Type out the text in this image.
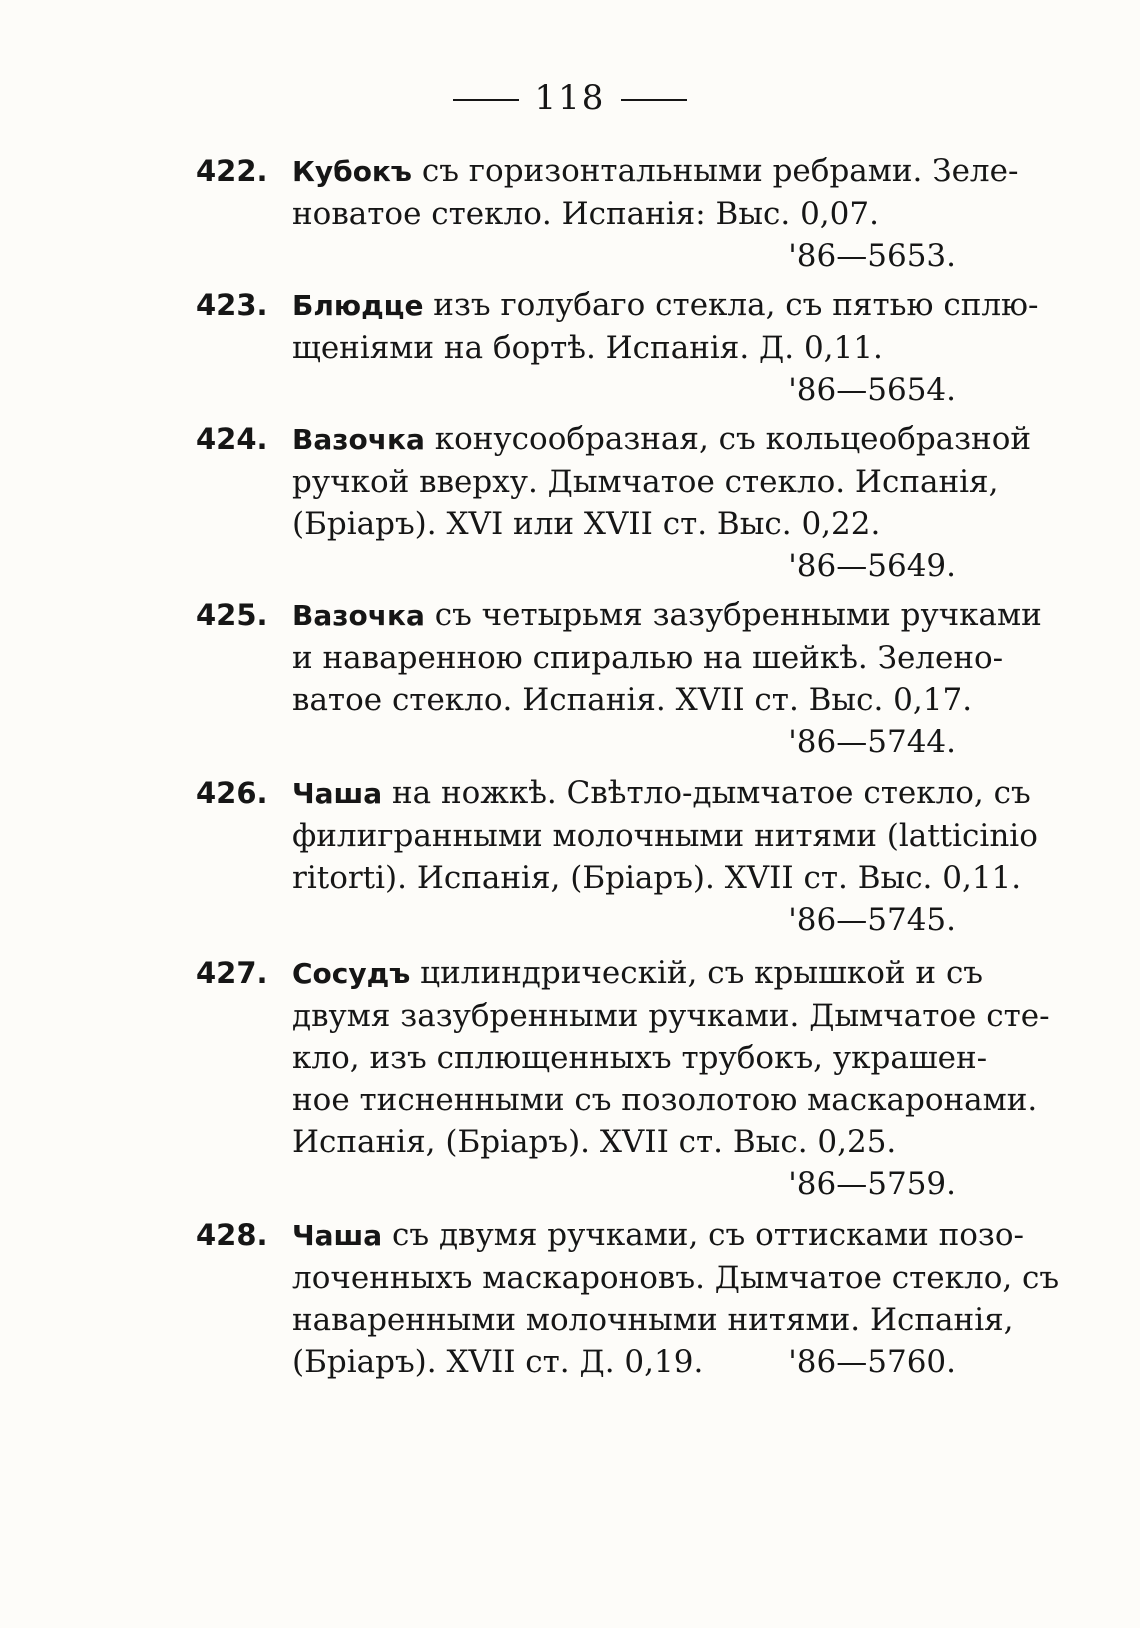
118
422. Кубокъ съ горизонтальными ребрами. Зеле-
новатое стекло. Испанія: Выс. 0,07.
'86—5653.
423. Блюдце изъ голубаго стекла, съ пятью сплю-
щеніями на бортѣ. Испанія. Д. 0,11.
'86—5654.
424. Вазочка конусообразная, съ кольцеобразной
ручкой вверху. Дымчатое стекло. Испанія,
(Бріаръ). XVI или XVII ст. Выс. 0,22.
'86—5649.
425. Вазочка съ четырьмя зазубренными ручками
и наваренною спиралью на шейкѣ. Зелено-
ватое стекло. Испанія. XVII ст. Выс. 0,17.
'86—5744.
426. Чаша на ножкѣ. Свѣтло-дымчатое стекло, съ
филигранными молочными нитями (latticinio
ritorti). Испанія, (Бріаръ). XVII ст. Выс. 0,11.
'86—5745.
427. Сосудъ цилиндрическій, съ крышкой и съ
двумя зазубренными ручками. Дымчатое сте-
кло, изъ сплющенныхъ трубокъ, украшен-
ное тисненными съ позолотою маскаронами.
Испанія, (Бріаръ). XVII ст. Выс. 0,25.
'86—5759.
428. Чаша съ двумя ручками, съ оттисками позо-
лоченныхъ маскароновъ. Дымчатое стекло, съ
наваренными молочными нитями. Испанія,
(Бріаръ). XVII ст. Д. 0,19.	'86—5760.
